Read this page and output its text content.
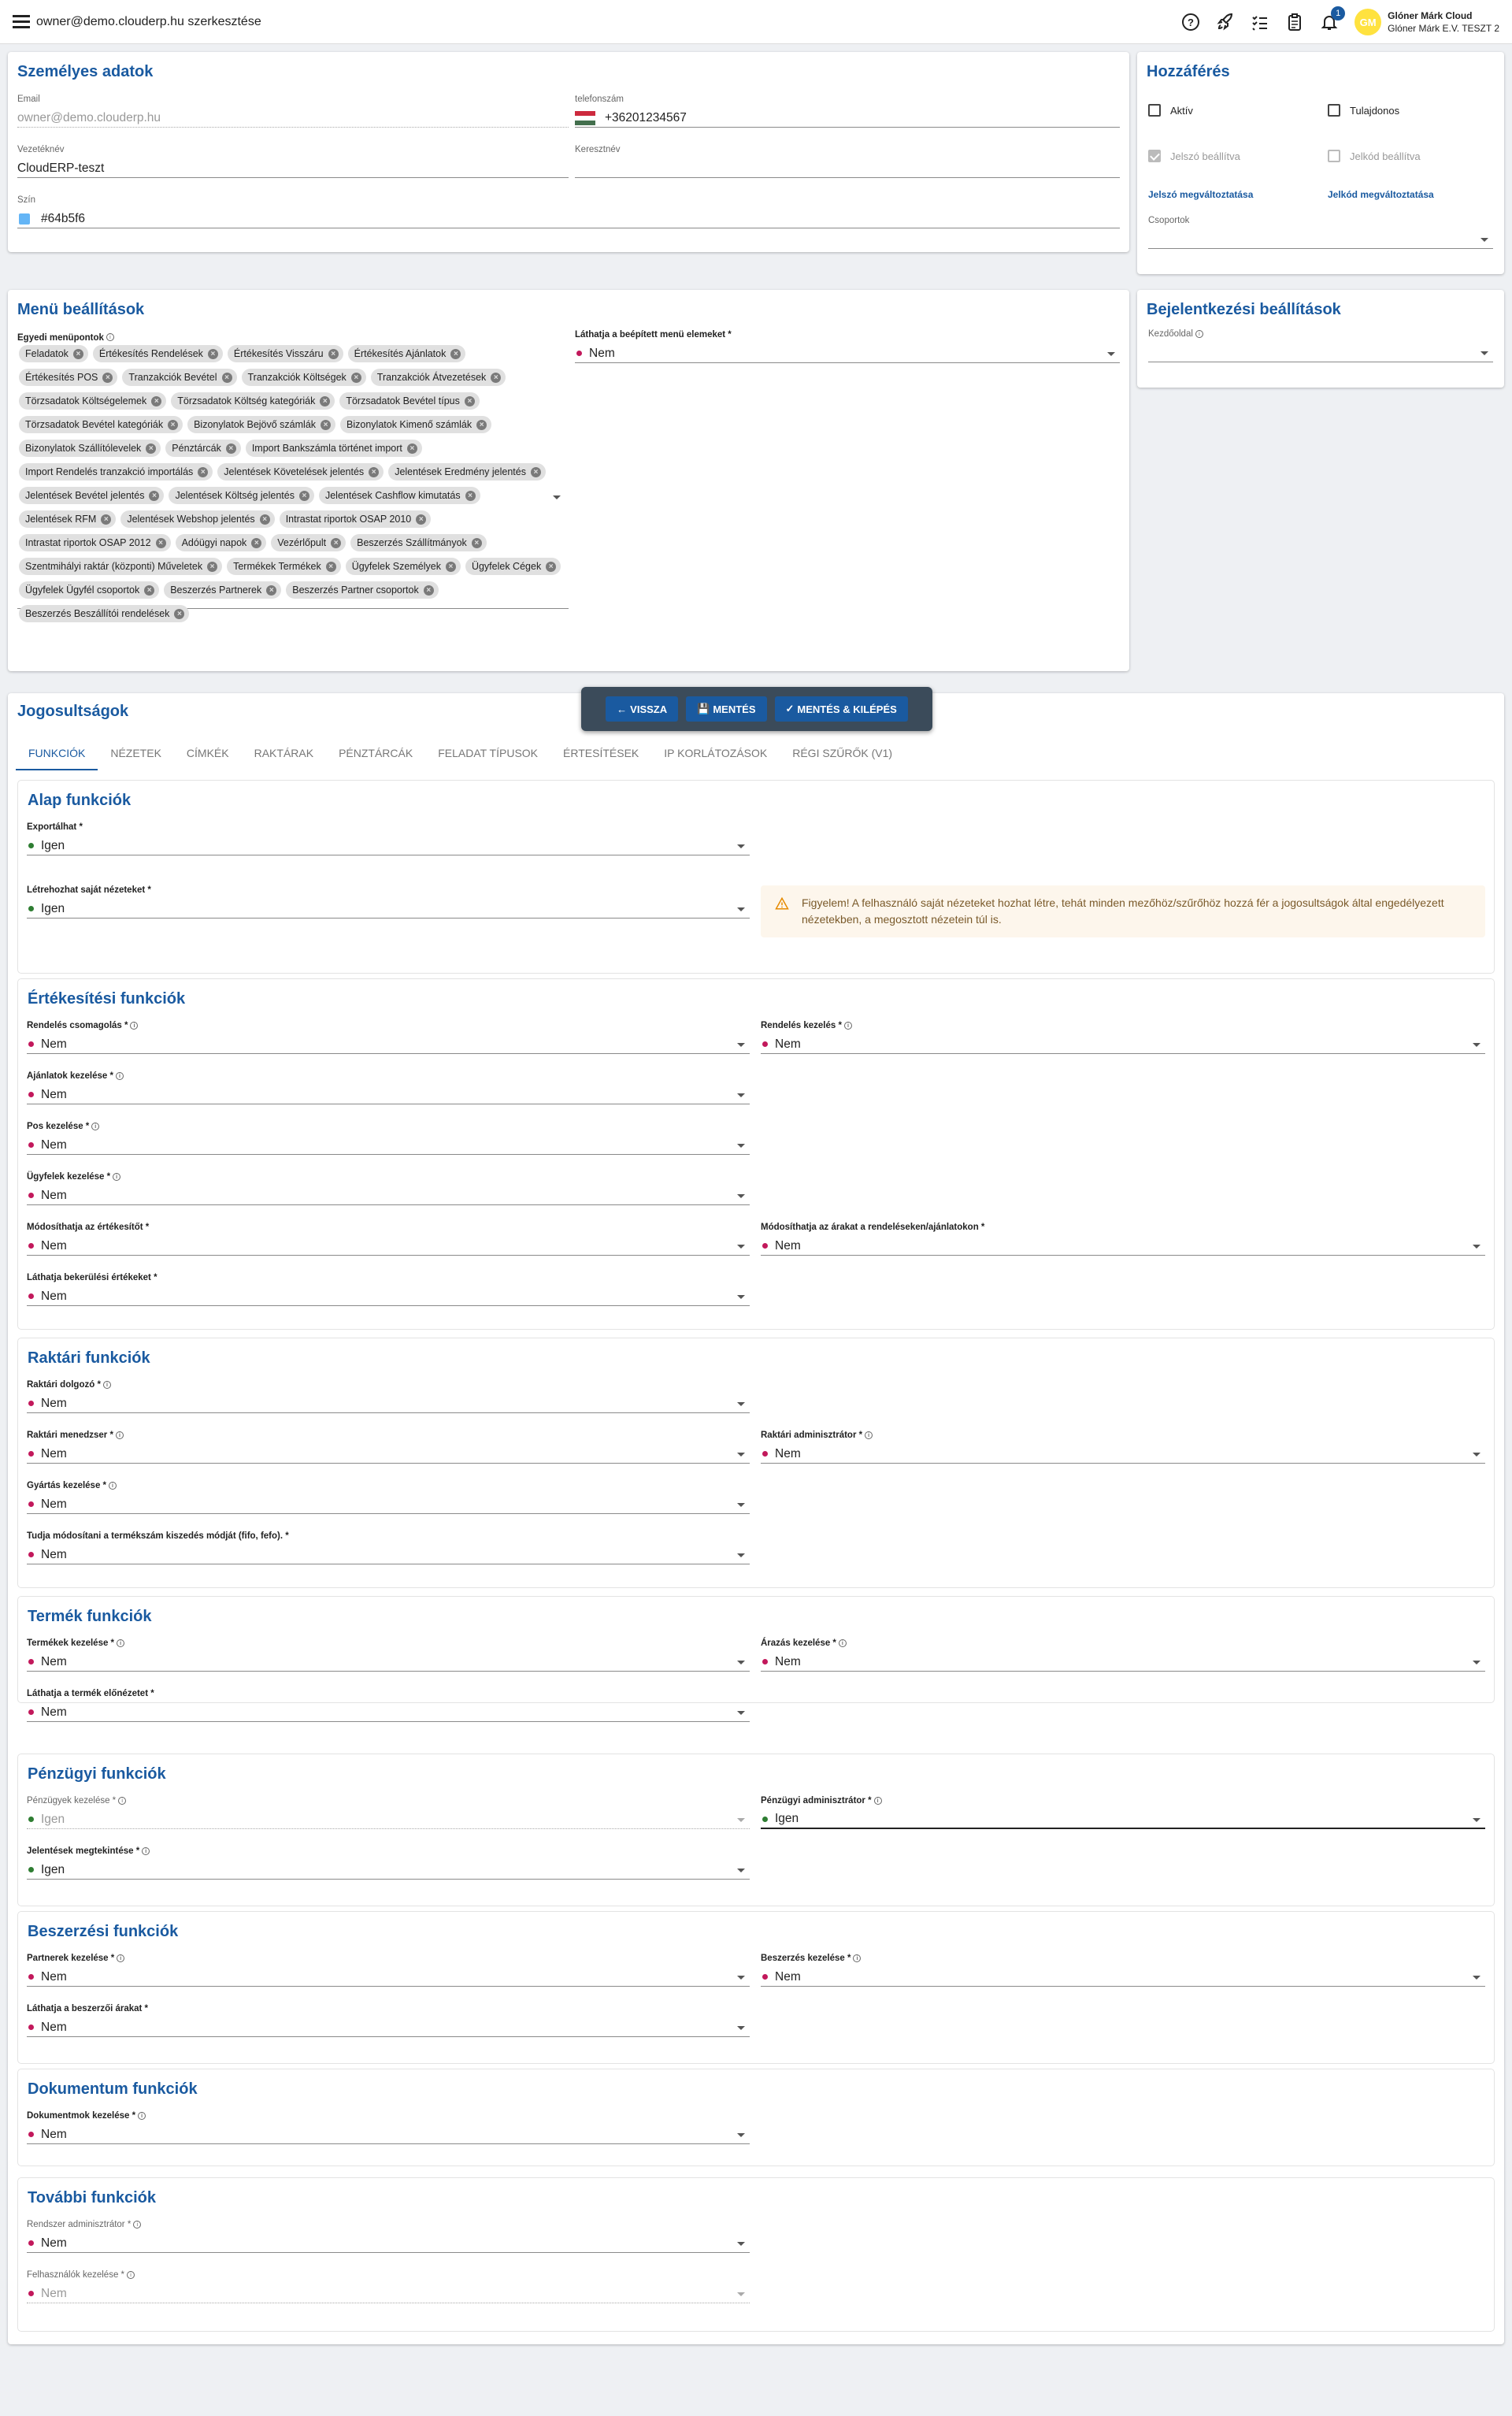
owner@demo.clouderp.hu szerkesztése	?
1
GM
Glóner Márk Cloud
Glóner Márk E.V. TESZT 2
Személyes adatok
Email
owner@demo.clouderp.hu
telefonszám
+36201234567
Vezetéknév
CloudERP-teszt
Keresztnév
Szín
#64b5f6
Hozzáférés
Aktív	Tulajdonos
Jelszó beállítva	Jelkód beállítva
Jelszó megváltoztatása	Jelkód megváltoztatása
Csoportok
Menü beállítások
Egyedi menüpontok i	Láthatja a beépített menü elemeket *
Nem
Feladatok × Értékesítés Rendelések × Értékesítés Visszáru × Értékesítés Ajánlatok ×
Értékesítés POS × Tranzakciók Bevétel × Tranzakciók Költségek × Tranzakciók Átvezetések ×
Törzsadatok Költségelemek × Törzsadatok Költség kategóriák × Törzsadatok Bevétel típus ×
Törzsadatok Bevétel kategóriák × Bizonylatok Bejövő számlák × Bizonylatok Kimenő számlák ×
Bizonylatok Szállítólevelek × Pénztárcák × Import Bankszámla történet import ×
Import Rendelés tranzakció importálás × Jelentések Követelések jelentés × Jelentések Eredmény jelentés ×
Jelentések Bevétel jelentés × Jelentések Költség jelentés × Jelentések Cashflow kimutatás ×
Jelentések RFM × Jelentések Webshop jelentés × Intrastat riportok OSAP 2010 ×
Intrastat riportok OSAP 2012 × Adóügyi napok × Vezérlőpult × Beszerzés Szállítmányok ×
Szentmihályi raktár (központi) Műveletek × Termékek Termékek × Ügyfelek Személyek × Ügyfelek Cégek ×
Ügyfelek Ügyfél csoportok × Beszerzés Partnerek × Beszerzés Partner csoportok ×
Beszerzés Beszállítói rendelések ×
Bejelentkezési beállítások
Kezdőoldal i
Jogosultságok
FUNKCIÓK	NÉZETEK	CÍMKÉK	RAKTÁRAK	PÉNZTÁRCÁK	FELADAT TÍPUSOK	ÉRTESÍTÉSEK	IP KORLÁTOZÁSOK	RÉGI SZŰRŐK (V1)
← VISSZA	💾 MENTÉS	✓ MENTÉS & KILÉPÉS
Alap funkciók
Értékesítési funkciók
Raktári funkciók
Termék funkciók
Pénzügyi funkciók
Beszerzési funkciók
Dokumentum funkciók
További funkciók
Figyelem! A felhasználó saját nézeteket hozhat létre, tehát minden mezőhöz/szűrőhöz hozzá fér a jogosultságok által engedélyezett nézetekben, a megosztott nézetein túl is.
Exportálhat *
Igen
Létrehozhat saját nézeteket *
Igen
Rendelés csomagolás * i
Nem
Rendelés kezelés * i
Nem
Ajánlatok kezelése * i
Nem
Pos kezelése * i
Nem
Ügyfelek kezelése * i
Nem
Módosíthatja az értékesítőt *
Nem
Módosíthatja az árakat a rendeléseken/ajánlatokon *
Nem
Láthatja bekerülési értékeket *
Nem
Raktári dolgozó * i
Nem
Raktári menedzser * i
Nem
Raktári adminisztrátor * i
Nem
Gyártás kezelése * i
Nem
Tudja módosítani a termékszám kiszedés módját (fifo, fefo). *
Nem
Termékek kezelése * i
Nem
Árazás kezelése * i
Nem
Láthatja a termék előnézetet *
Nem
Pénzügyek kezelése * i
Igen
Pénzügyi adminisztrátor * i
Igen
Jelentések megtekintése * i
Igen
Partnerek kezelése * i
Nem
Beszerzés kezelése * i
Nem
Láthatja a beszerzői árakat *
Nem
Dokumentmok kezelése * i
Nem
Rendszer adminisztrátor * i
Nem
Felhasználók kezelése * i
Nem
